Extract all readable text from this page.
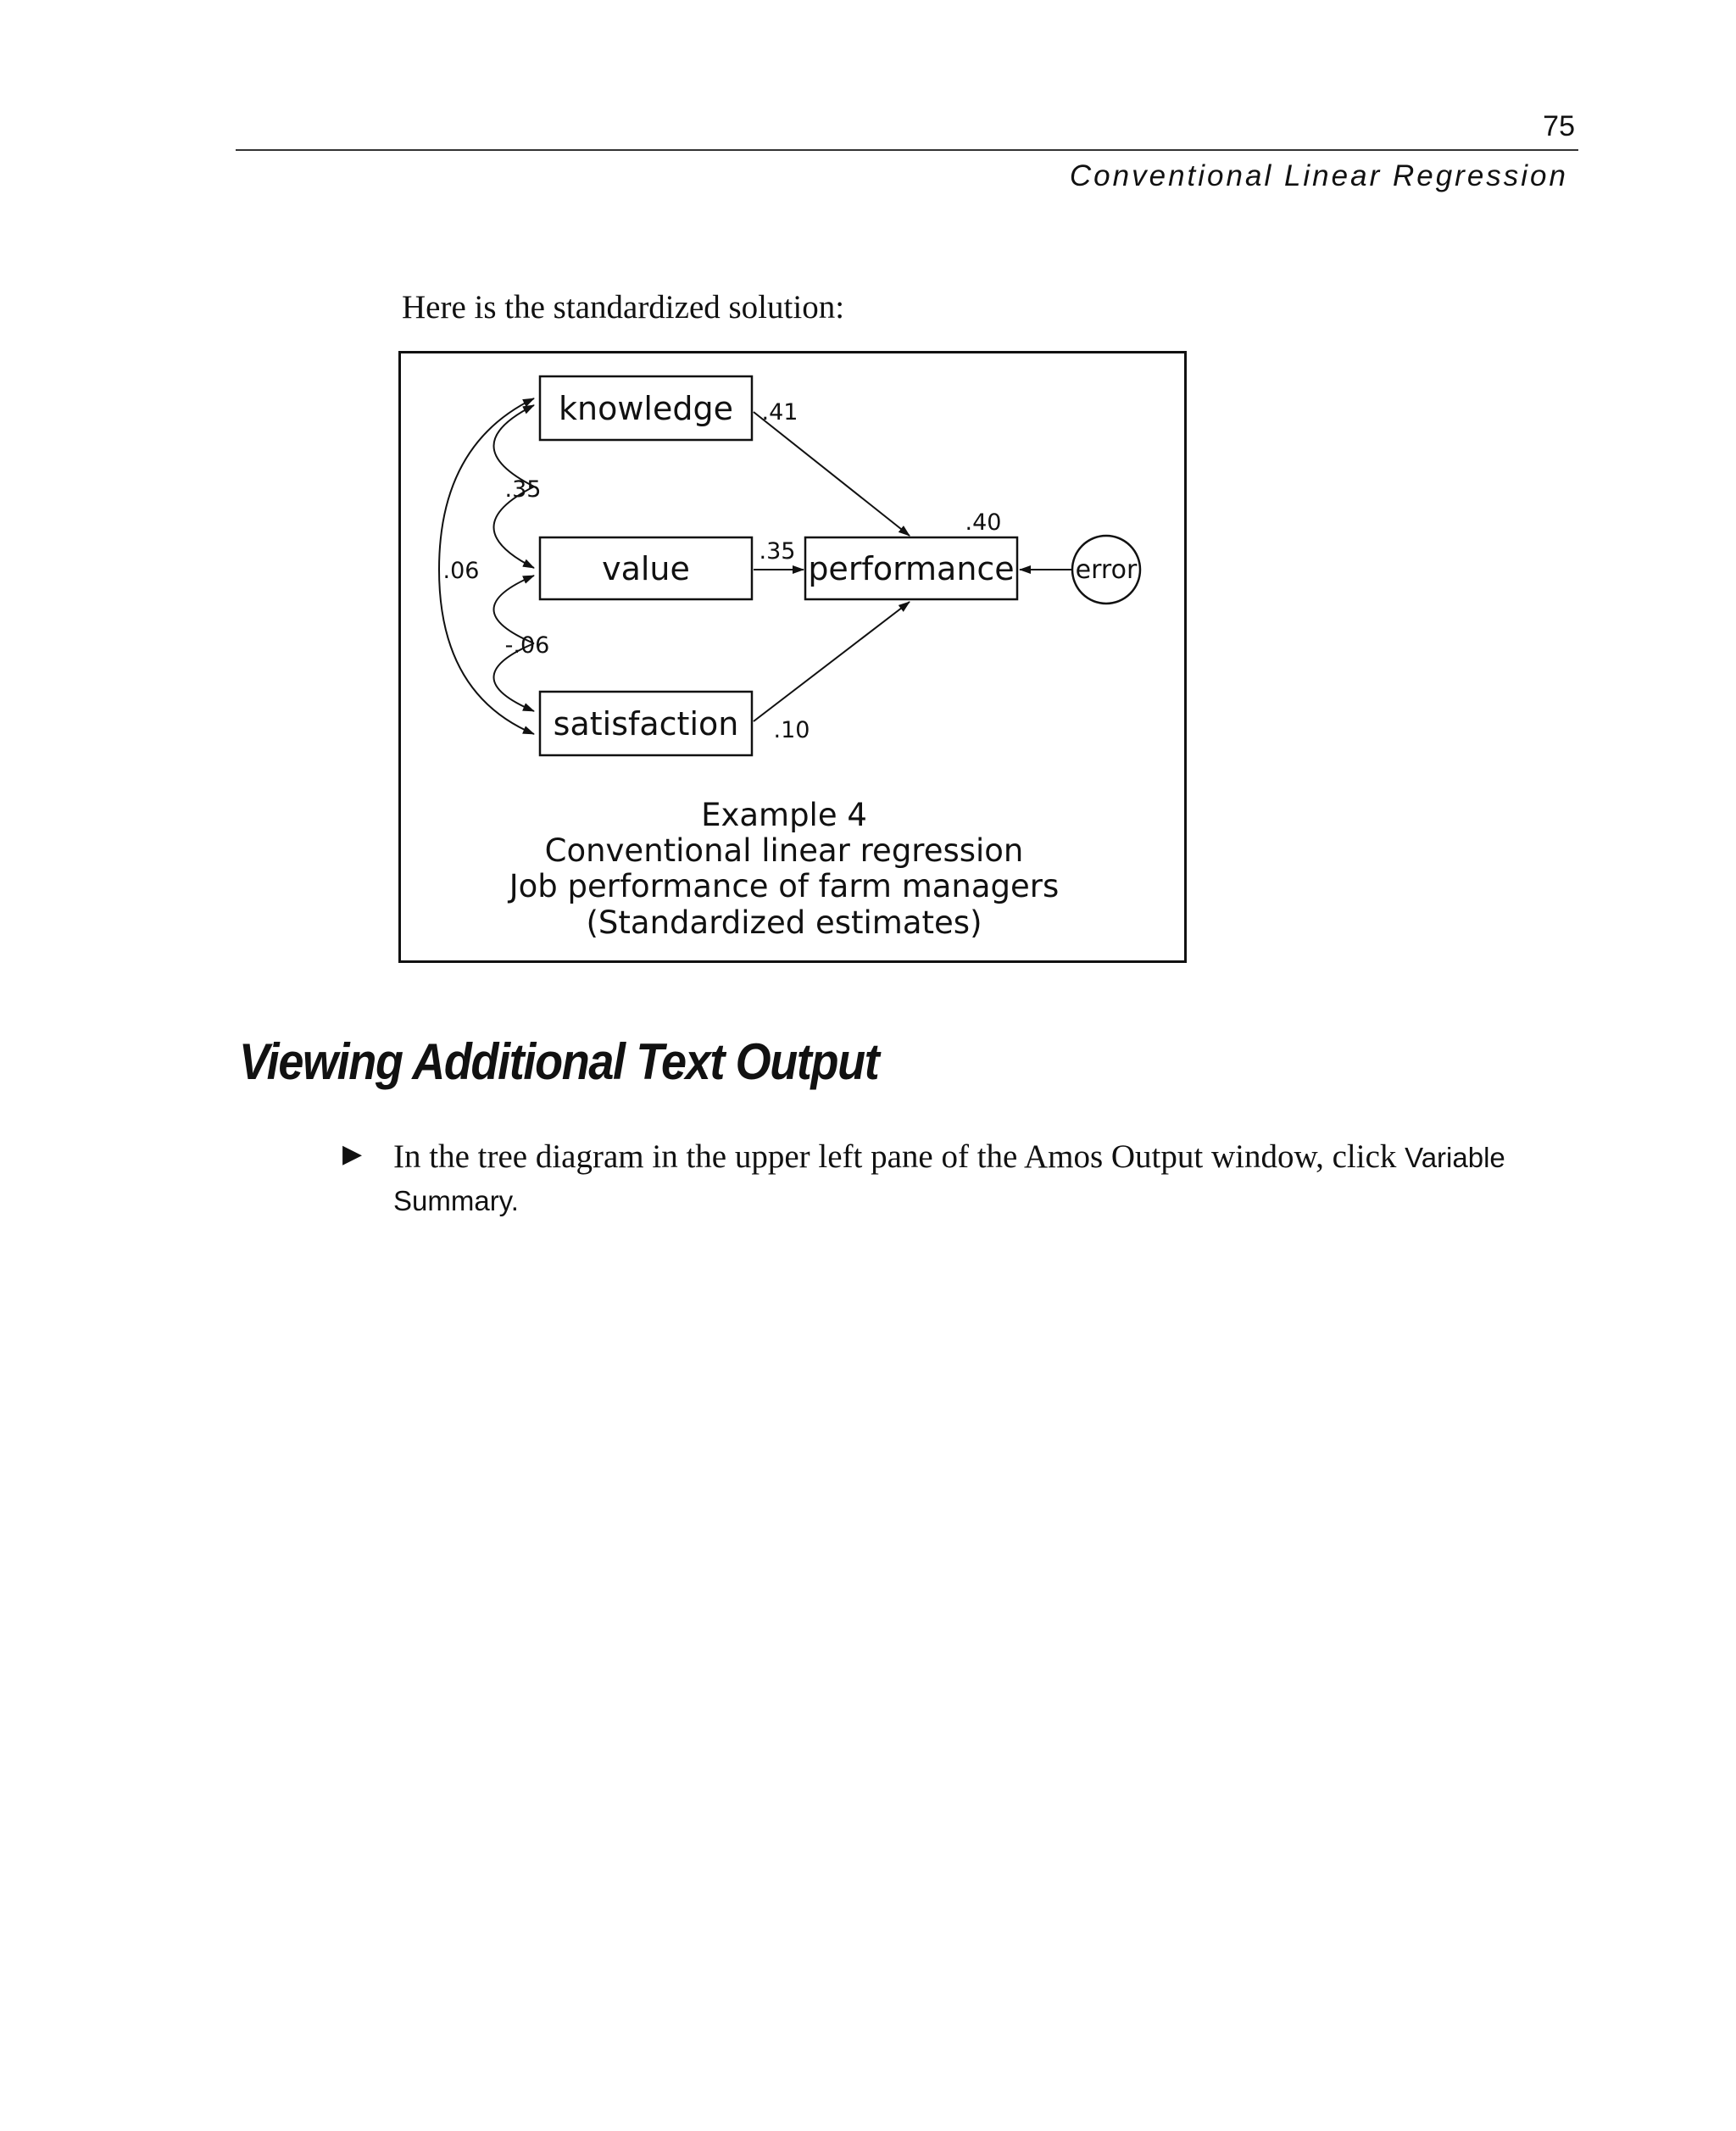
75
Conventional Linear Regression
Here is the standardized solution:
knowledge
value
satisfaction
performance error
.41
.35
.10
.40
.35
-.06
.06
Example 4
Conventional linear regression
Job performance of farm managers
(Standardized estimates)
Viewing Additional Text Output
▶ In the tree diagram in the upper left pane of the Amos Output window, click Variable Summary.
